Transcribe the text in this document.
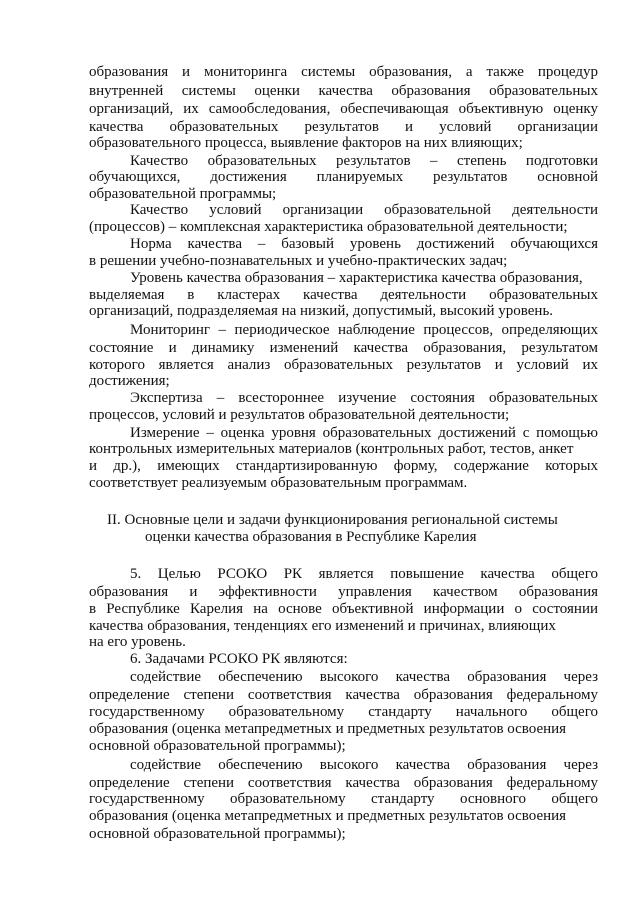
образования и мониторинга системы образования, а также процедур
внутренней системы оценки качества образования образовательных
организаций, их самообследования, обеспечивающая объективную оценку
качества образовательных результатов и условий организации
образовательного процесса, выявление факторов на них влияющих;
Качество образовательных результатов – степень подготовки
обучающихся, достижения планируемых результатов основной
образовательной программы;
Качество условий организации образовательной деятельности
(процессов) – комплексная характеристика образовательной деятельности;
Норма качества – базовый уровень достижений обучающихся
в решении учебно-познавательных и учебно-практических задач;
Уровень качества образования – характеристика качества образования,
выделяемая в кластерах качества деятельности образовательных
организаций, подразделяемая на низкий, допустимый, высокий уровень.
Мониторинг – периодическое наблюдение процессов, определяющих
состояние и динамику изменений качества образования, результатом
которого является анализ образовательных результатов и условий их
достижения;
Экспертиза – всестороннее изучение состояния образовательных
процессов, условий и результатов образовательной деятельности;
Измерение – оценка уровня образовательных достижений с помощью
контрольных измерительных материалов (контрольных работ, тестов, анкет
и др.), имеющих стандартизированную форму, содержание которых
соответствует реализуемым образовательным программам.
II. Основные цели и задачи функционирования региональной системы
оценки качества образования в Республике Карелия
5. Целью РСОКО РК является повышение качества общего
образования и эффективности управления качеством образования
в Республике Карелия на основе объективной информации о состоянии
качества образования, тенденциях его изменений и причинах, влияющих
на его уровень.
6. Задачами РСОКО РК являются:
содействие обеспечению высокого качества образования через
определение степени соответствия качества образования федеральному
государственному образовательному стандарту начального общего
образования (оценка метапредметных и предметных результатов освоения
основной образовательной программы);
содействие обеспечению высокого качества образования через
определение степени соответствия качества образования федеральному
государственному образовательному стандарту основного общего
образования (оценка метапредметных и предметных результатов освоения
основной образовательной программы);
